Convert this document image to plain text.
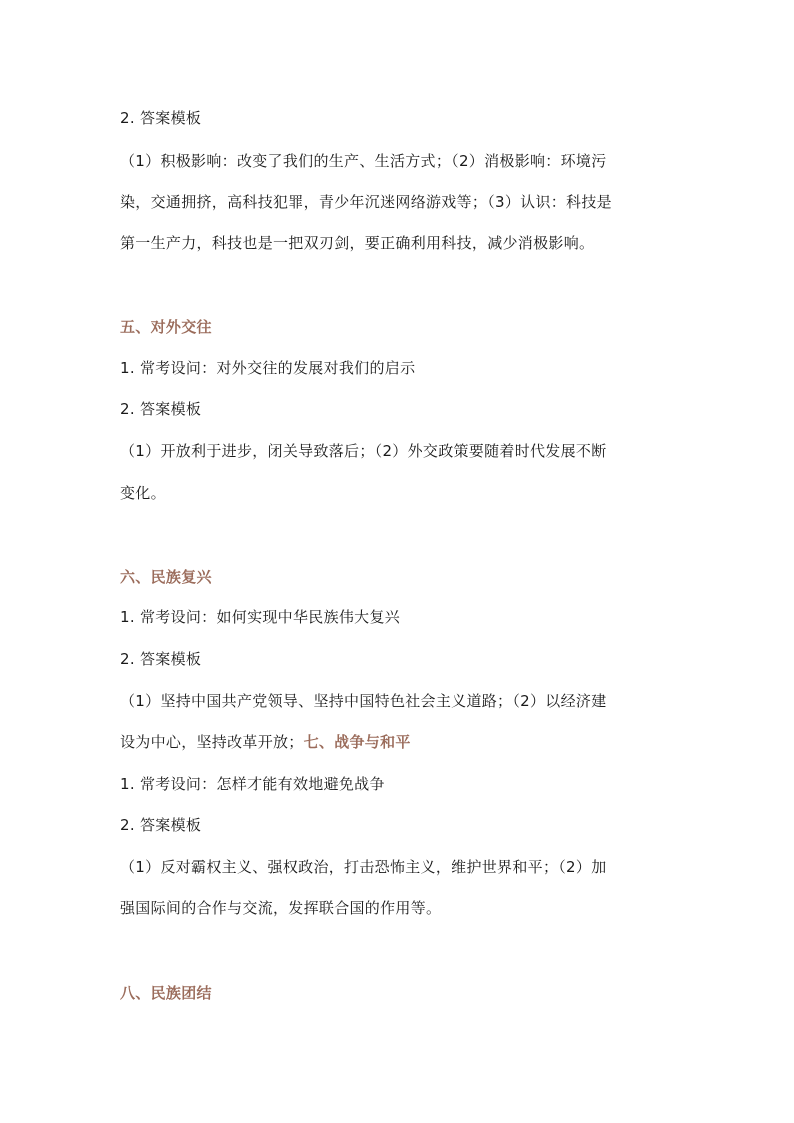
2. 答案模板
（1）积极影响：改变了我们的生产、生活方式；（2）消极影响：环境污
染，交通拥挤，高科技犯罪，青少年沉迷网络游戏等；（3）认识：科技是
第一生产力，科技也是一把双刃剑，要正确利用科技，减少消极影响。
五、对外交往
1. 常考设问：对外交往的发展对我们的启示
2. 答案模板
（1）开放利于进步，闭关导致落后；（2）外交政策要随着时代发展不断
变化。
六、民族复兴
1. 常考设问：如何实现中华民族伟大复兴
2. 答案模板
（1）坚持中国共产党领导、坚持中国特色社会主义道路；（2）以经济建
设为中心，坚持改革开放；七、战争与和平
1. 常考设问：怎样才能有效地避免战争
2. 答案模板
（1）反对霸权主义、强权政治，打击恐怖主义，维护世界和平；（2）加
强国际间的合作与交流，发挥联合国的作用等。
八、民族团结
